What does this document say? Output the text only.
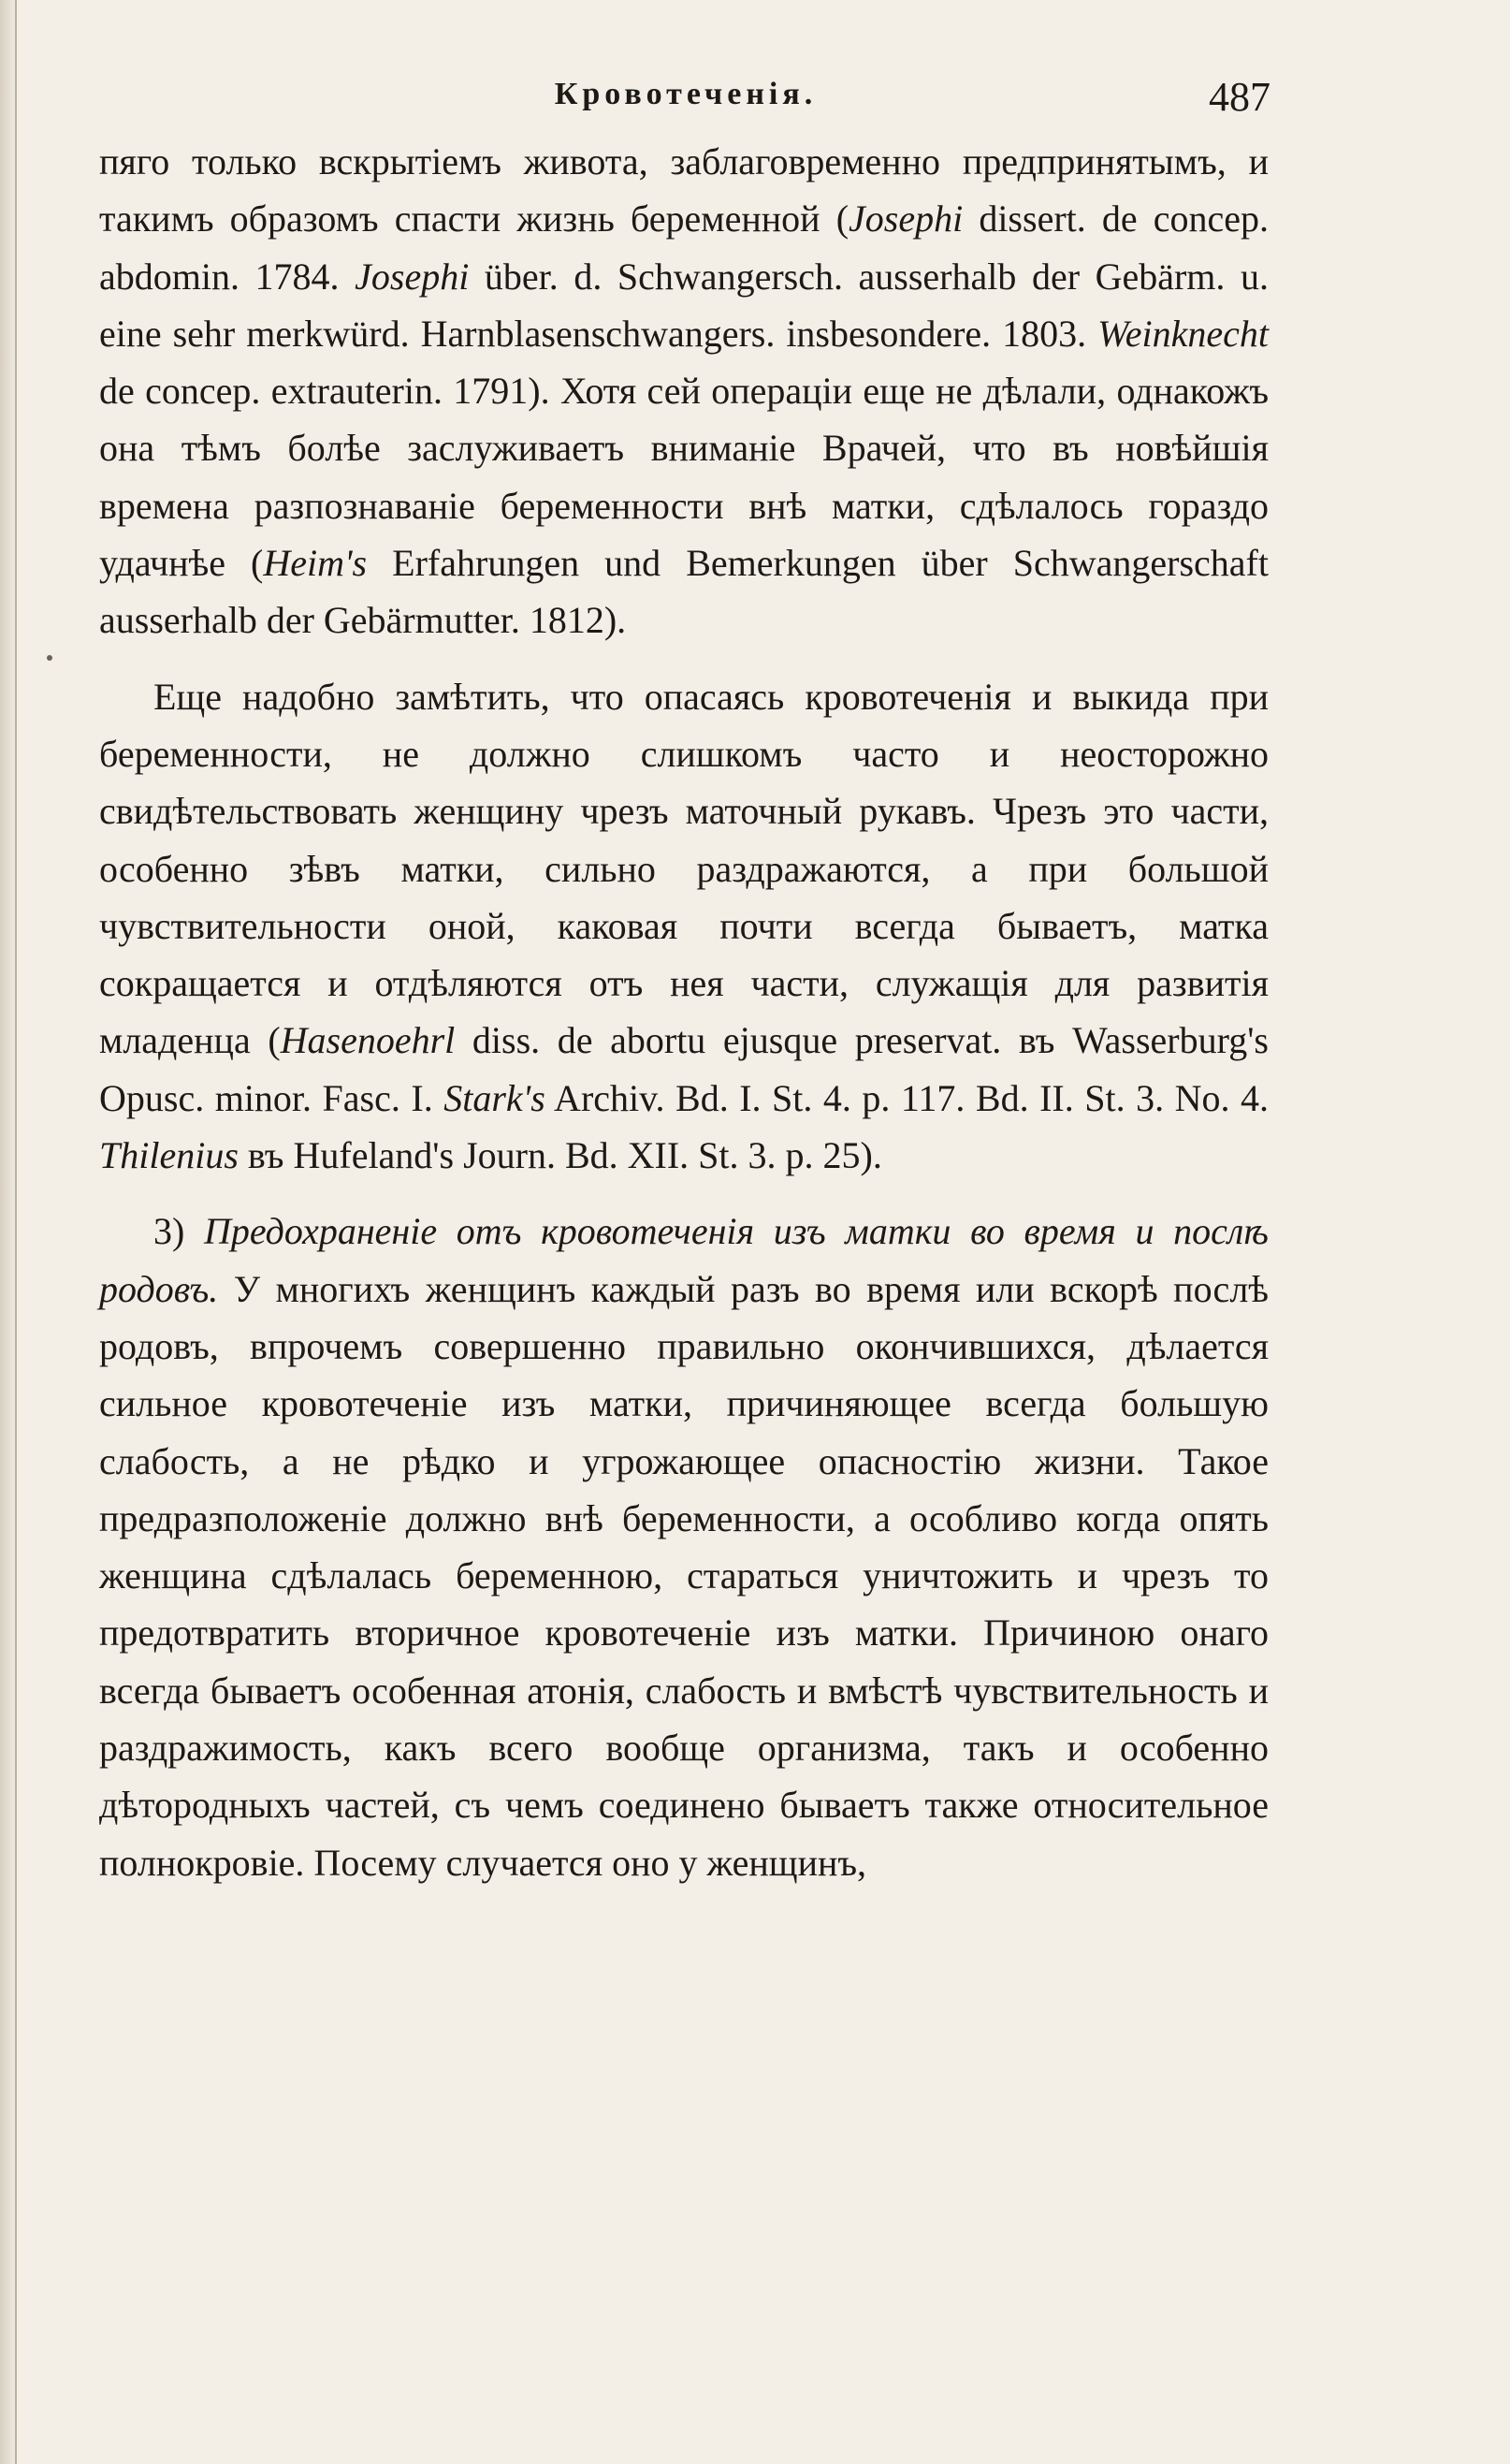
Кровотеченія.	487

пяго только вскрытіемъ живота, заблаговременно предпринятымъ, и такимъ образомъ спасти жизнь беременной (Josephi dissert. de concep. abdomin. 1784. Josephi über. d. Schwangersch. ausserhalb der Gebärm. u. eine sehr merkwürd. Harnblasenschwangers. insbesondere. 1803. Weinknecht de concep. extrauterin. 1791). Хотя сей операціи еще не дѣлали, однакожъ она тѣмъ болѣе заслуживаетъ вниманіе Врачей, что въ новѣйшія времена разпознаваніе беременности внѣ матки, сдѣлалось гораздо удачнѣе (Heim's Erfahrungen und Bemerkungen über Schwangerschaft ausserhalb der Gebärmutter. 1812).

Еще надобно замѣтить, что опасаясь кровотеченія и выкида при беременности, не должно слишкомъ часто и неосторожно свидѣтельствовать женщину чрезъ маточный рукавъ. Чрезъ это части, особенно зѣвъ матки, сильно раздражаются, а при большой чувствительности оной, каковая почти всегда бываетъ, матка сокращается и отдѣляются отъ нея части, служащія для развитія младенца (Hasenoehrl diss. de abortu ejusque preservat. въ Wasserburg's Opusc. minor. Fasc. I. Stark's Archiv. Bd. I. St. 4. p. 117. Bd. II. St. 3. No. 4. Thilenius въ Hufeland's Journ. Bd. XII. St. 3. p. 25).

3) Предохраненіе отъ кровотеченія изъ матки во время и послѣ родовъ. У многихъ женщинъ каждый разъ во время или вскорѣ послѣ родовъ, впрочемъ совершенно правильно окончившихся, дѣлается сильное кровотеченіе изъ матки, причиняющее всегда большую слабость, а не рѣдко и угрожающее опасностію жизни. Такое предразположеніе должно внѣ беременности, а особливо когда опять женщина сдѣлалась беременною, стараться уничтожить и чрезъ то предотвратить вторичное кровотеченіе изъ матки. Причиною онаго всегда бываетъ особенная атонія, слабость и вмѣстѣ чувствительность и раздражимость, какъ всего вообще организма, такъ и особенно дѣтородныхъ частей, съ чемъ соединено бываетъ также относительное полнокровіе. Посему случается оно у женщинъ,
